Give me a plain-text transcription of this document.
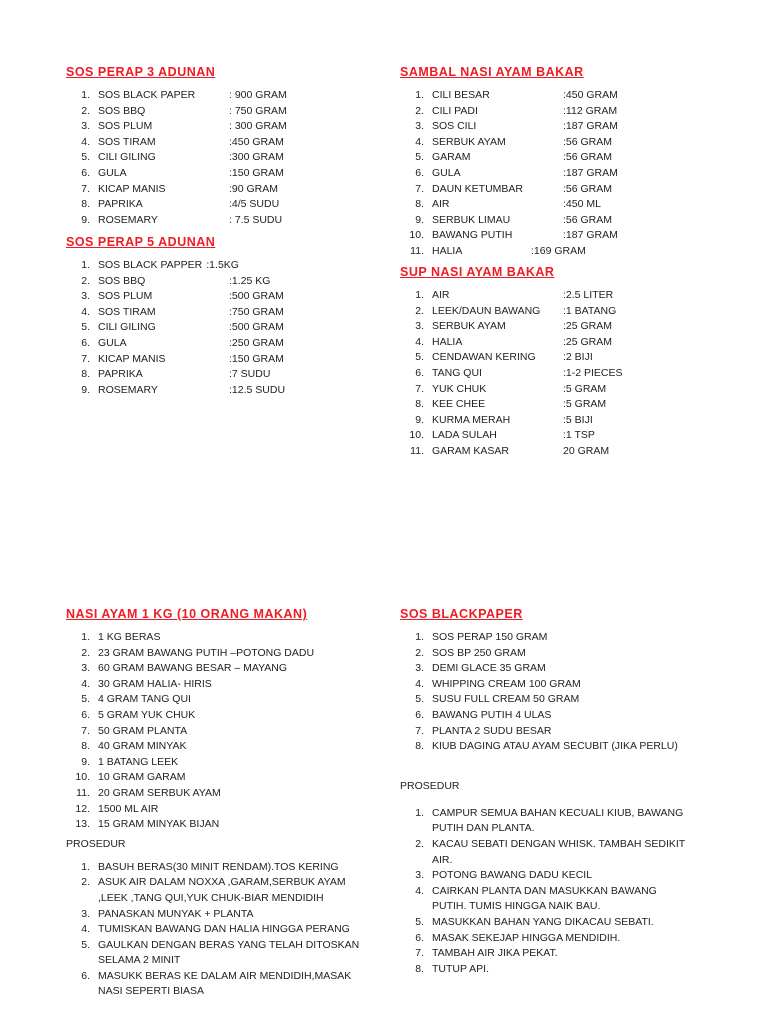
SOS PERAP 3 ADUNAN
1. SOS BLACK PAPER	: 900 GRAM
2. SOS BBQ	: 750 GRAM
3. SOS PLUM	: 300 GRAM
4. SOS TIRAM	:450 GRAM
5. CILI GILING	:300 GRAM
6. GULA	:150 GRAM
7. KICAP MANIS	:90 GRAM
8. PAPRIKA	:4/5 SUDU
9. ROSEMARY	: 7.5 SUDU
SOS PERAP 5 ADUNAN
1. SOS BLACK PAPPER :1.5KG
2. SOS BBQ	:1.25 KG
3. SOS PLUM	:500 GRAM
4. SOS TIRAM	:750 GRAM
5. CILI GILING	:500 GRAM
6. GULA	:250 GRAM
7. KICAP MANIS	:150 GRAM
8. PAPRIKA	:7 SUDU
9. ROSEMARY	:12.5 SUDU
SAMBAL NASI AYAM BAKAR
1. CILI BESAR	:450 GRAM
2. CILI PADI	:112 GRAM
3. SOS CILI	:187 GRAM
4. SERBUK AYAM	:56 GRAM
5. GARAM	:56 GRAM
6. GULA	:187 GRAM
7. DAUN KETUMBAR	:56 GRAM
8. AIR	:450 ML
9. SERBUK LIMAU	:56 GRAM
10. BAWANG PUTIH	:187 GRAM
11. HALIA	:169 GRAM
SUP NASI AYAM BAKAR
1. AIR	:2.5 LITER
2. LEEK/DAUN BAWANG :1 BATANG
3. SERBUK AYAM	:25 GRAM
4. HALIA	:25 GRAM
5. CENDAWAN KERING	:2 BIJI
6. TANG QUI	:1-2 PIECES
7. YUK CHUK	:5 GRAM
8. KEE CHEE	:5 GRAM
9. KURMA MERAH	:5 BIJI
10. LADA SULAH	:1 TSP
11. GARAM KASAR	20 GRAM
NASI AYAM 1 KG (10 ORANG MAKAN)
1. 1 KG BERAS
2. 23 GRAM BAWANG PUTIH –POTONG DADU
3. 60 GRAM BAWANG BESAR – MAYANG
4. 30 GRAM HALIA- HIRIS
5. 4 GRAM TANG QUI
6. 5 GRAM YUK CHUK
7. 50 GRAM PLANTA
8. 40 GRAM MINYAK
9. 1 BATANG LEEK
10. 10 GRAM GARAM
11. 20 GRAM SERBUK AYAM
12. 1500 ML AIR
13. 15 GRAM MINYAK BIJAN

PROSEDUR

1. BASUH BERAS(30 MINIT RENDAM).TOS KERING
2. ASUK AIR DALAM NOXXA ,GARAM,SERBUK AYAM ,LEEK ,TANG QUI,YUK CHUK-BIAR MENDIDIH
3. PANASKAN MUNYAK + PLANTA
4. TUMISKAN BAWANG DAN HALIA HINGGA PERANG
5. GAULKAN DENGAN BERAS YANG TELAH DITOSKAN SELAMA 2 MINIT
6. MASUKK BERAS KE DALAM AIR MENDIDIH,MASAK NASI SEPERTI BIASA
SOS BLACKPAPER
1. SOS PERAP 150 GRAM
2. SOS BP 250 GRAM
3. DEMI GLACE 35 GRAM
4. WHIPPING CREAM 100 GRAM
5. SUSU FULL CREAM 50 GRAM
6. BAWANG PUTIH 4 ULAS
7. PLANTA 2 SUDU BESAR
8. KIUB DAGING ATAU AYAM SECUBIT (JIKA PERLU)

PROSEDUR

1. CAMPUR SEMUA BAHAN KECUALI KIUB, BAWANG PUTIH DAN PLANTA.
2. KACAU SEBATI DENGAN WHISK. TAMBAH SEDIKIT AIR.
3. POTONG BAWANG DADU KECIL
4. CAIRKAN PLANTA DAN MASUKKAN BAWANG PUTIH. TUMIS HINGGA NAIK BAU.
5. MASUKKAN BAHAN YANG DIKACAU SEBATI.
6. MASAK SEKEJAP HINGGA MENDIDIH.
7. TAMBAH AIR JIKA PEKAT.
8. TUTUP API.
